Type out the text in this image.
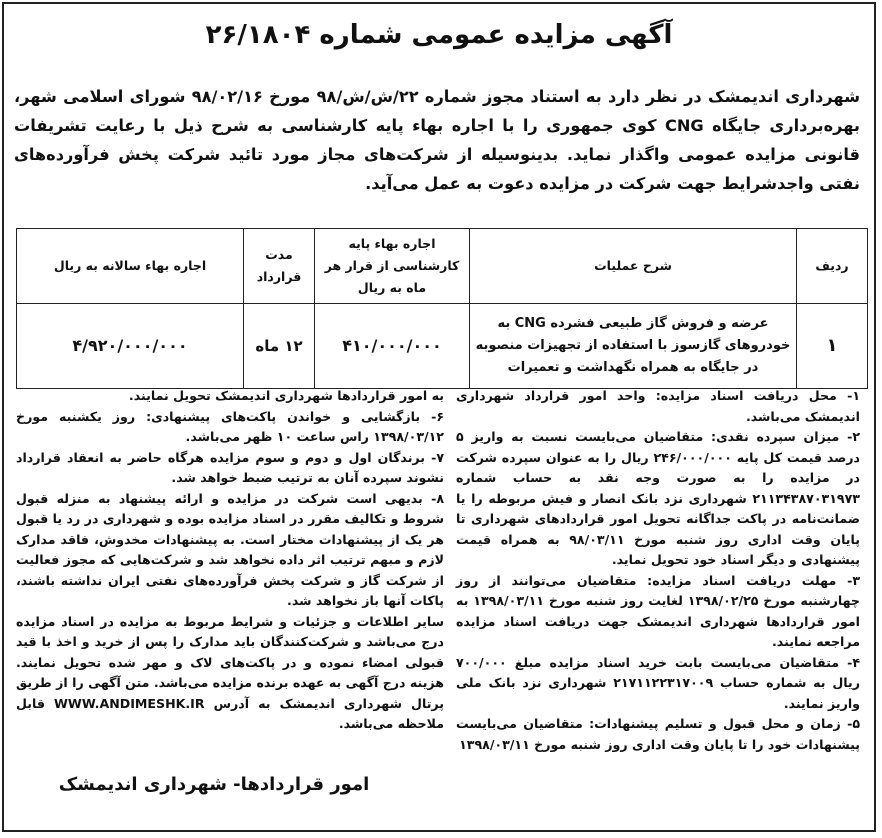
آگهی مزایده عمومی شماره ۲۶/۱۸۰۴
شهرداری اندیمشک در نظر دارد به استناد مجوز شماره ۲۲/ش/ش/۹۸ مورخ ۹۸/۰۲/۱۶ شورای اسلامی شهر، بهره‌برداری جایگاه CNG کوی جمهوری را با اجاره بهاء پایه کارشناسی به شرح ذیل با رعایت تشریفات قانونی مزایده عمومی واگذار نماید. بدینوسیله از شرکت‌های مجاز مورد تائید شرکت پخش فرآورده‌های نفتی واجدشرایط جهت شرکت در مزایده دعوت به عمل می‌آید.
ردیف	شرح عملیات	اجاره بهاء پایه کارشناسی از قرار هر ماه به ریال	مدت قرارداد	اجاره بهاء سالانه به ریال
۱	عرضه و فروش گاز طبیعی فشرده CNG به خودروهای گازسوز با استفاده از تجهیزات منصوبه در جایگاه به همراه نگهداشت و تعمیرات	۴۱۰/۰۰۰/۰۰۰	۱۲ ماه	۴/۹۲۰/۰۰۰/۰۰۰

۱- محل دریافت اسناد مزایده: واحد امور قرارداد شهرداری اندیمشک می‌باشد.

۲- میزان سپرده نقدی: متقاضیان می‌بایست نسبت به واریز ۵ درصد قیمت کل پایه ۲۴۶/۰۰۰/۰۰۰ ریال را به عنوان سپرده شرکت در مزایده را به صورت وجه نقد به حساب شماره ۲۱۱۳۴۳۸۷۰۳۱۹۷۳ شهرداری نزد بانک انصار و فیش مربوطه را یا ضمانت‌نامه در پاکت جداگانه تحویل امور قراردادهای شهرداری تا پایان وقت اداری روز شنبه مورخ ۹۸/۰۳/۱۱ به همراه قیمت پیشنهادی و دیگر اسناد خود تحویل نماید.

۳- مهلت دریافت اسناد مزایده: متقاضیان می‌توانند از روز چهارشنبه مورخ ۱۳۹۸/۰۲/۲۵ لغایت روز شنبه مورخ ۱۳۹۸/۰۳/۱۱ به امور قراردادها شهرداری اندیمشک جهت دریافت اسناد مزایده مراجعه نمایند.

۴- متقاضیان می‌بایست بابت خرید اسناد مزایده مبلغ ۷۰۰/۰۰۰ ریال به شماره حساب ۲۱۷۱۱۲۲۳۱۷۰۰۹ شهرداری نزد بانک ملی واریز نمایند.

۵- زمان و محل قبول و تسلیم پیشنهادات: متقاضیان می‌بایست پیشنهادات خود را تا پایان وقت اداری روز شنبه مورخ ۱۳۹۸/۰۳/۱۱

به امور قراردادها شهرداری اندیمشک تحویل نمایند.

۶- بازگشایی و خواندن پاکت‌های پیشنهادی: روز یکشنبه مورخ ۱۳۹۸/۰۳/۱۲ راس ساعت ۱۰ ظهر می‌باشد.

۷- برندگان اول و دوم و سوم مزایده هرگاه حاضر به انعقاد قرارداد نشوند سپرده آنان به ترتیب ضبط خواهد شد.

۸- بدیهی است شرکت در مزایده و ارائه پیشنهاد به منزله قبول شروط و تکالیف مقرر در اسناد مزایده بوده و شهرداری در رد یا قبول هر یک از پیشنهادات مختار است. به پیشنهادات مخدوش، فاقد مدارک لازم و مبهم ترتیب اثر داده نخواهد شد و شرکت‌هایی که مجوز فعالیت از شرکت گاز و شرکت پخش فرآورده‌های نفتی ایران نداشته باشند، پاکات آنها باز نخواهد شد.

سایر اطلاعات و جزئیات و شرایط مربوط به مزایده در اسناد مزایده درج می‌باشد و شرکت‌کنندگان باید مدارک را پس از خرید و اخذ با قید قبولی امضاء نموده و در پاکت‌های لاک و مهر شده تحویل نمایند. هزینه درج آگهی به عهده برنده مزایده می‌باشد. متن آگهی را از طریق پرتال شهرداری اندیمشک به آدرس WWW.ANDIMESHK.IR قابل ملاحظه می‌باشد.

امور قراردادها- شهرداری اندیمشک
